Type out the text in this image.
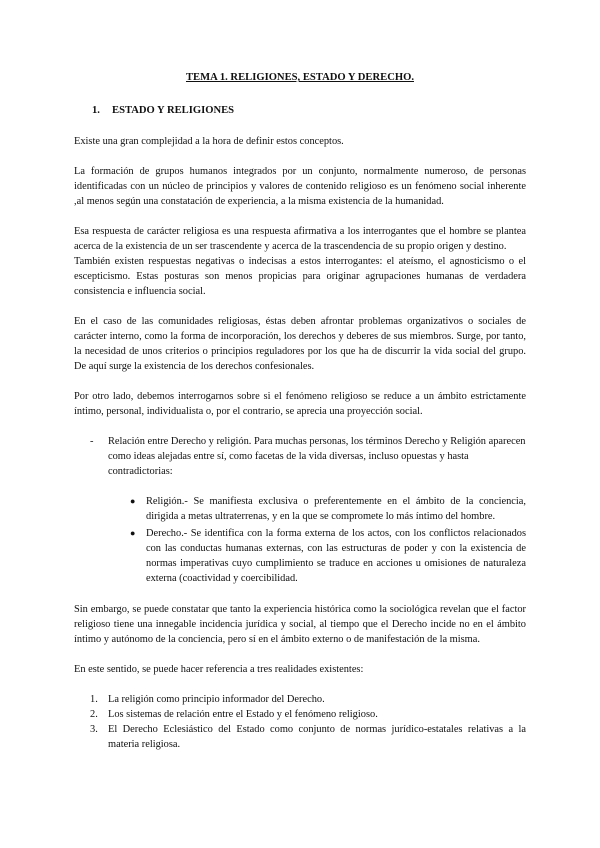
TEMA 1. RELIGIONES, ESTADO Y DERECHO.
1. ESTADO Y RELIGIONES

Existe una gran complejidad a la hora de definir estos conceptos.

La formación de grupos humanos integrados por un conjunto, normalmente numeroso, de personas identificadas con un núcleo de principios y valores de contenido religioso es un fenómeno social inherente ,al menos según una constatación de experiencia, a la misma existencia de la humanidad.

Esa respuesta de carácter religiosa es una respuesta afirmativa a los interrogantes que el hombre se plantea acerca de la existencia de un ser trascendente y acerca de la trascendencia de su propio origen y destino.

También existen respuestas negativas o indecisas a estos interrogantes: el ateísmo, el agnosticismo o el escepticismo. Estas posturas son menos propicias para originar agrupaciones humanas de verdadera consistencia e influencia social.

En el caso de las comunidades religiosas, éstas deben afrontar problemas organizativos o sociales de carácter interno, como la forma de incorporación, los derechos y deberes de sus miembros. Surge, por tanto, la necesidad de unos criterios o principios reguladores por los que ha de discurrir la vida social del grupo. De aquí surge la existencia de los derechos confesionales.

Por otro lado, debemos interrogarnos sobre si el fenómeno religioso se reduce a un ámbito estrictamente íntimo, personal, individualista o, por el contrario, se aprecia una proyección social.

- Relación entre Derecho y religión. Para muchas personas, los términos Derecho y Religión aparecen como ideas alejadas entre sí, como facetas de la vida diversas, incluso opuestas y hasta contradictorias:
● Religión.- Se manifiesta exclusiva o preferentemente en el ámbito de la conciencia, dirigida a metas ultraterrenas, y en la que se compromete lo más íntimo del hombre.
● Derecho.- Se identifica con la forma externa de los actos, con los conflictos relacionados con las conductas humanas externas, con las estructuras de poder y con la existencia de normas imperativas cuyo cumplimiento se traduce en acciones u omisiones de naturaleza externa (coactividad y coercibilidad.

Sin embargo, se puede constatar que tanto la experiencia histórica como la sociológica revelan que el factor religioso tiene una innegable incidencia jurídica y social, al tiempo que el Derecho incide no en el ámbito íntimo y autónomo de la conciencia, pero sí en el ámbito externo o de manifestación de la misma.

En este sentido, se puede hacer referencia a tres realidades existentes:

1. La religión como principio informador del Derecho.
2. Los sistemas de relación entre el Estado y el fenómeno religioso.
3. El Derecho Eclesiástico del Estado como conjunto de normas jurídico-estatales relativas a la materia religiosa.
